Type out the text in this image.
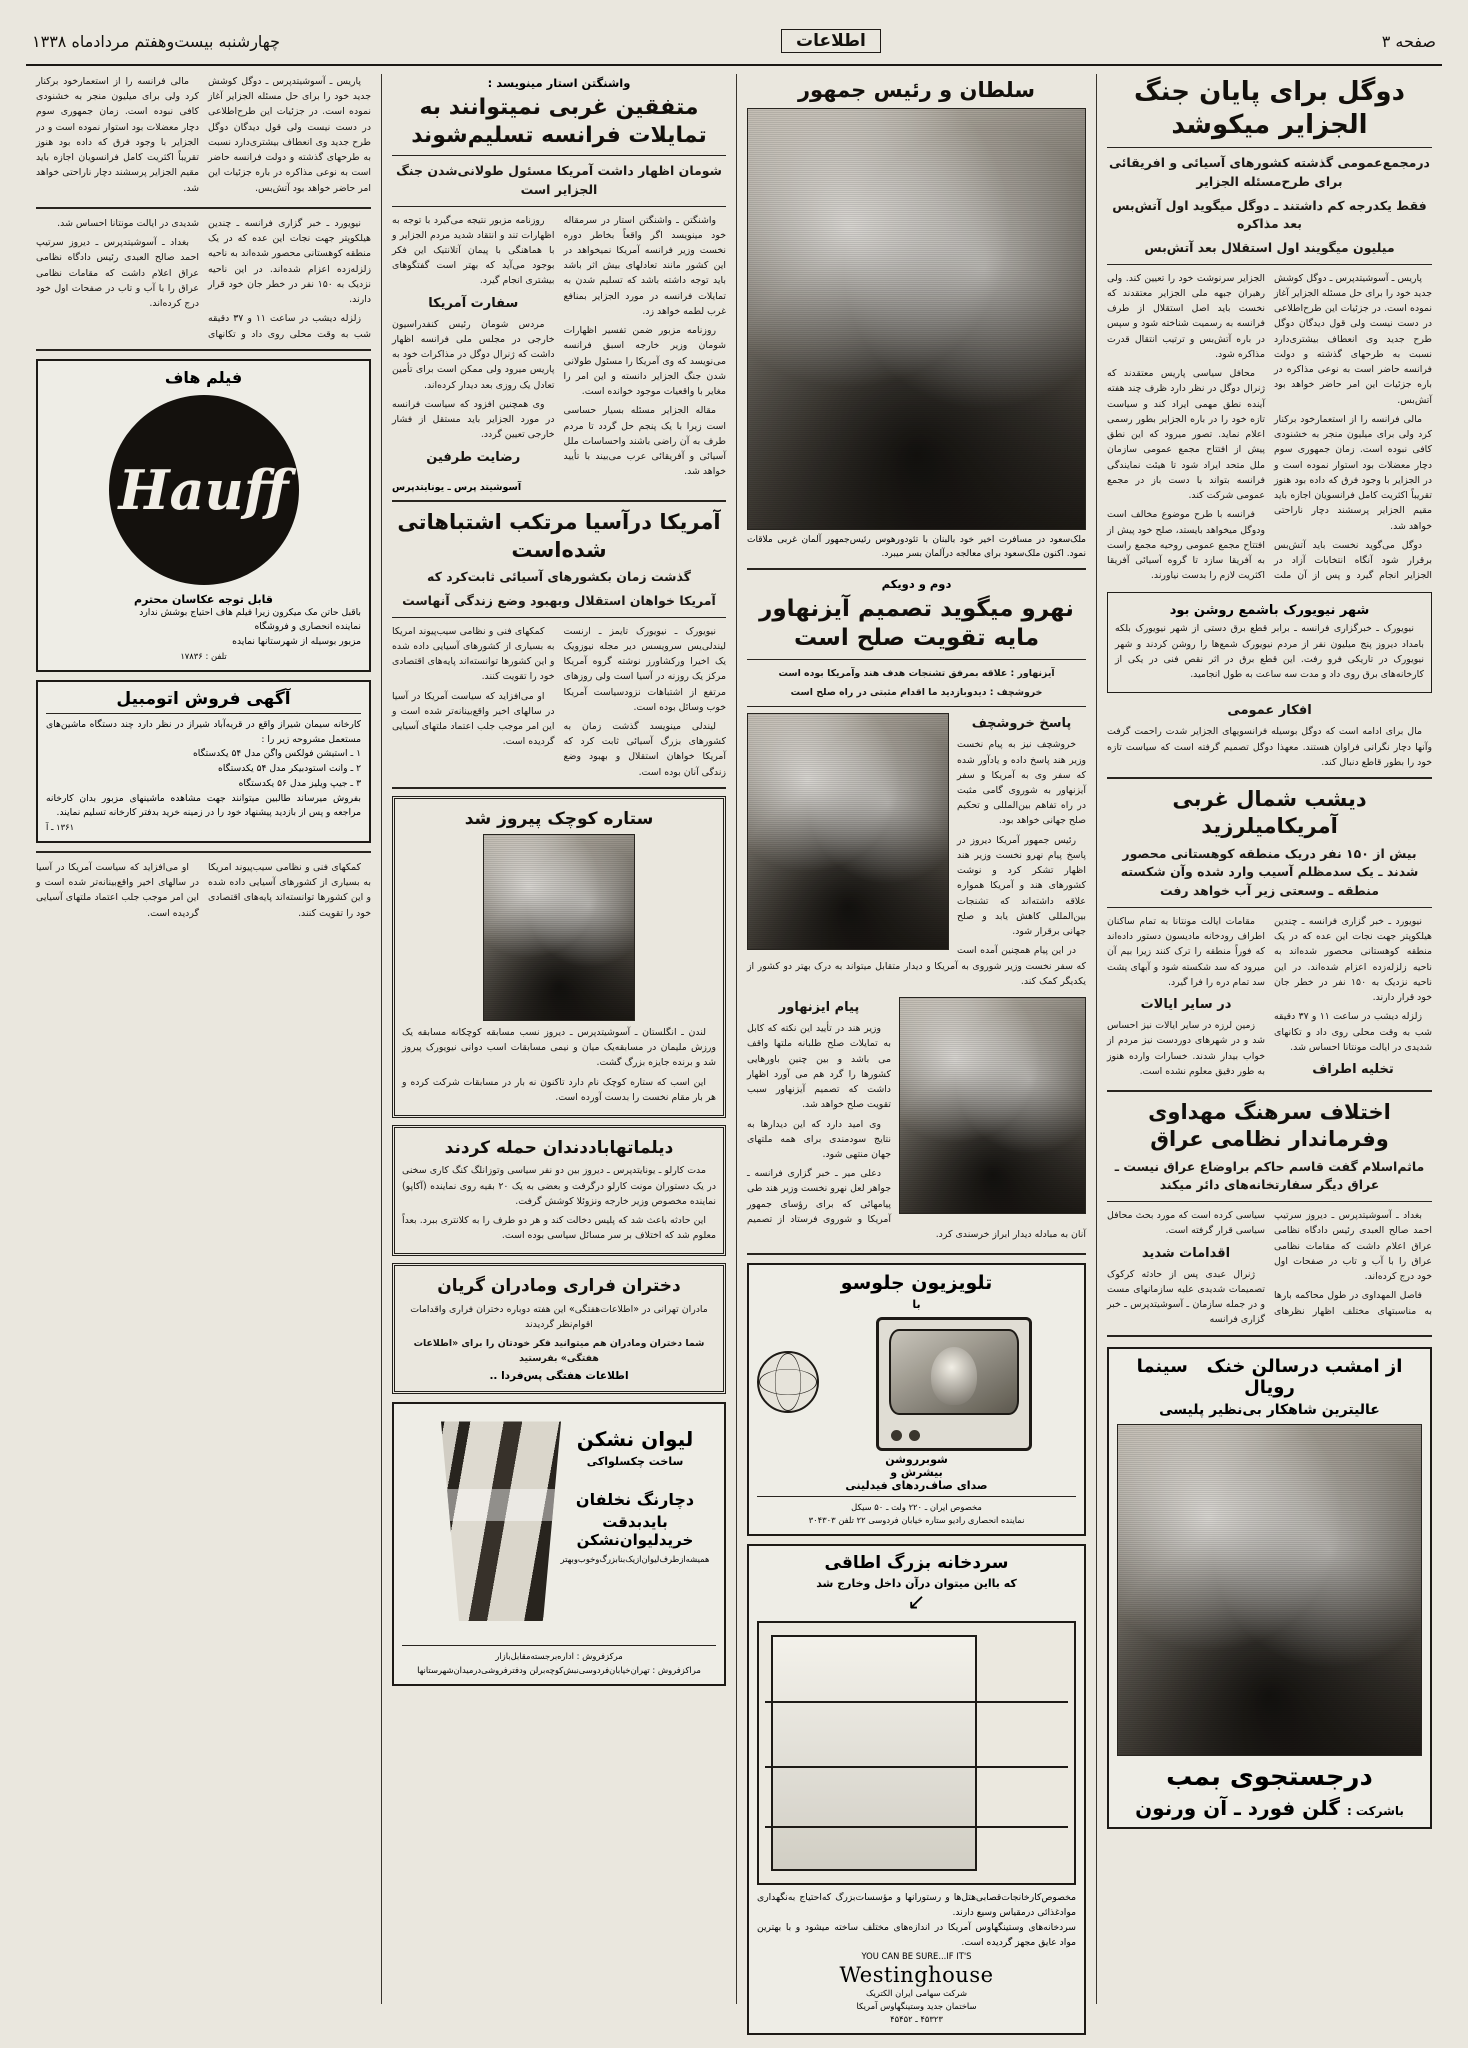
صفحه ۳
اطلاعات
چهارشنبه بیست‌وهفتم مردادماه ۱۳۳۸
دوگل برای پایان جنگ الجزایر میکوشد
درمجمع‌عمومی گذشته کشورهای آسیائی و افریقائی برای طرح‌مسئله الجزایر
فقط یکدرجه کم داشتند ـ دوگل میگوید اول آتش‌بس بعد مذاکره
میلیون میگویند اول استقلال بعد آتش‌بس

پاریس ـ آسوشیتدپرس ـ دوگل کوشش جدید خود را برای حل مسئله الجزایر آغاز نموده است. در جزئیات این طرح‌اطلاعی در دست نیست ولی قول دیدگان دوگل طرح جدید وی انعطاف بیشتری‌دارد نسبت به طرحهای گذشته و دولت فرانسه حاضر است به نوعی مذاکره در باره جزئیات این امر حاضر خواهد بود آتش‌بس.

مالی فرانسه را از استعمارخود برکنار کرد ولی برای میلیون منجر به خشنودی کافی نبوده است. زمان جمهوری سوم دچار معضلات بود استوار نموده است و در الجزایر با وجود فرق که داده بود هنوز تقریباً اکثریت کامل فرانسویان اجازه باید مقیم الجزایر پرسشند دچار ناراحتی خواهد شد.

دوگل می‌گوید نخست باید آتش‌بس برقرار شود آنگاه انتخابات آزاد در الجزایر انجام گیرد و پس از آن ملت الجزایر سرنوشت خود را تعیین کند. ولی رهبران جبهه ملی الجزایر معتقدند که نخست باید اصل استقلال از طرف فرانسه به رسمیت شناخته شود و سپس در باره آتش‌بس و ترتیب انتقال قدرت مذاکره شود.

محافل سیاسی پاریس معتقدند که ژنرال دوگل در نظر دارد ظرف چند هفته آینده نطق مهمی ایراد کند و سیاست تازه خود را در باره الجزایر بطور رسمی اعلام نماید. تصور میرود که این نطق پیش از افتتاح مجمع عمومی سازمان ملل متحد ایراد شود تا هیئت نمایندگی فرانسه بتواند با دست باز در مجمع عمومی شرکت کند.

فرانسه با طرح موضوع مخالف است ودوگل میخواهد بایستد، صلح خود پیش از افتتاح مجمع عمومی روحیه مجمع راست به آفریقا سازد تا گروه آسیائی آفریقا اکثریت لازم را بدست نیاورند.

شهر نیویورک باشمع روشن بود

نیویورک ـ خبرگزاری فرانسه ـ برابر قطع برق دستی از شهر نیویورک بلکه بامداد دیروز پنج میلیون نفر از مردم نیویورک شمع‌ها را روشن کردند و شهر نیویورک در تاریکی فرو رفت. این قطع برق در اثر نقص فنی در یکی از کارخانه‌های برق روی داد و مدت سه ساعت به طول انجامید.

افکار عمومی

مال برای ادامه است که دوگل بوسیله فرانسویهای الجزایر شدت راحمت گرفت وآنها دچار نگرانی فراوان هستند. معهذا دوگل تصمیم گرفته است که سیاست تازه خود را بطور قاطع دنبال کند.

دیشب شمال غربی آمریکامیلرزید
بیش از ۱۵۰ نفر دریک منطقه کوهستانی محصور شدند ـ یک سدمظلم آسیب وارد شده وآن شکسته منطقه ـ وسعتی زیر آب خواهد رفت

نیویورد ـ خبر گزاری فرانسه ـ چندین هیلکوپتر جهت نجات این عده که در یک منطقه کوهستانی محصور شده‌اند به ناحیه زلزله‌زده اعزام شده‌اند. در این ناحیه نزدیک به ۱۵۰ نفر در خطر جان خود قرار دارند.

زلزله دیشب در ساعت ۱۱ و ۳۷ دقیقه شب به وقت محلی روی داد و تکانهای شدیدی در ایالت مونتانا احساس شد.

تخلیه اطراف

مقامات ایالت مونتانا به تمام ساکنان اطراف رودخانه ماديسون دستور داده‌اند که فوراً منطقه را ترک کنند زیرا بیم آن میرود که سد شکسته شود و آبهای پشت سد تمام دره را فرا گیرد.

در سایر ایالات

زمین لرزه در سایر ایالات نیز احساس شد و در شهرهای دوردست نیز مردم از خواب بیدار شدند. خسارات وارده هنوز به طور دقیق معلوم نشده است.

اختلاف سرهنگ مهداوی وفرماندار نظامی عراق
ماثم‌اسلام گفت قاسم حاکم براوضاع عراق نیست ـ عراق دیگر سفارتخانه‌های دائر میکند

بغداد ـ آسوشیتدپرس ـ دیروز سرتیپ احمد صالح العبدی رئیس دادگاه نظامی عراق اعلام داشت که مقامات نظامی عراق را با آب و تاب در صفحات اول خود درج کرده‌اند.

فاصل المهداوی در طول محاکمه بارها به مناسبتهای مختلف اظهار نظرهای سیاسی کرده است که مورد بحث محافل سیاسی قرار گرفته است.

اقدامات شدید

ژنرال عبدی پس از حادثه کرکوک تصمیمات شدیدی علیه سازمانهای مست و در جمله سازمان ـ آسوشیتدپرس ـ خبر گزاری فرانسه

از امشب درسالن خنک   سینما رویال
عالیترین شاهکار بی‌نظیر پلیسی
درجستجوی بمب
باشرکت : گلن فورد ـ آن ورنون
سلطان و رئیس جمهور
ملک‌سعود در مسافرت اخیر خود بالبنان با تئودورهوس رئیس‌جمهور آلمان غربی ملاقات نمود. اکنون ملک‌سعود برای معالجه درآلمان بسر میبرد.
دوم و دویکم
نهرو میگوید تصمیم آیزنهاور مایه تقویت صلح است

آیزنهاور : علاقه بمرفق تشنجات هدف هند وآمریکا بوده است

خروشچف : دیدوبازدید ما اقدام مثبتی در راه صلح است

پاسخ خروشچف

خروشچف نیز به پیام نخست وزیر هند پاسخ داده و یادآور شده که سفر وی به آمریکا و سفر آیزنهاور به شوروی گامی مثبت در راه تفاهم بین‌المللی و تحکیم صلح جهانی خواهد بود.

رئیس جمهور آمریکا دیروز در پاسخ پیام نهرو نخست وزیر هند اظهار تشکر کرد و نوشت کشورهای هند و آمریکا همواره علاقه داشته‌اند که تشنجات بین‌المللی کاهش یابد و صلح جهانی برقرار شود.

در این پیام همچنین آمده است که سفر نخست وزیر شوروی به آمریکا و دیدار متقابل میتواند به درک بهتر دو کشور از یکدیگر کمک کند.

پیام ایزنهاور

وزیر هند در تأیید این نکته که کابل به تمایلات صلح طلبانه ملتها واقف می باشد و بین چنین باورهایی کشورها را گرد هم می آورد اظهار داشت که تصمیم آیزنهاور سبب تقویت صلح خواهد شد.

وی امید دارد که این دیدارها به نتایج سودمندی برای همه ملتهای جهان منتهی شود.

دعلی میر ـ خبر گزاری فرانسه ـ جواهر لعل نهرو نخست وزیر هند طی پیامهائی که برای رؤسای جمهور آمریکا و شوروی فرستاد از تصمیم آنان به مبادله دیدار ابراز خرسندی کرد.

تلویزیون جلوسو
با
شوبرروشن
بیشرش و
صدای صاف‌ردهای فیدلینی
مخصوص ایران ـ ۲۲۰ ولت ـ ۵۰ سیکل
نماینده انحصاری رادیو ستاره خیابان فردوسی ۲۲ تلفن ۳۰۴۳۰۳
سردخانه بزرگ اطاقی
که بااین میتوان درآن داخل وخارج شد
↙
مخصوص‌کارخانجات‌قصابی‌هتل‌ها و رستورانها و مؤسسات‌بزرگ که‌احتیاج به‌نگهداری موادغذائی درمقیاس وسیع دارند.
سردخانه‌های وستینگهاوس آمریکا در اندازه‌های مختلف ساخته میشود و با بهترین مواد عایق مجهز گردیده است.
YOU CAN BE SURE...IF IT'S
Westinghouse
شرکت سهامی ایران الکتریک
ساختمان جدید وستینگهاوس آمریکا
۴۵۳۲۳ ـ ۴۵۴۵۲
واشنگتن استار مینویسد :
متفقین غربی نمیتوانند به تمایلات فرانسه تسلیم‌شوند
شومان اظهار داشت آمریکا مسئول طولانی‌شدن جنگ الجزایر است

واشنگتن ـ واشنگتن استار در سرمقاله خود مینویسد اگر واقعاً بخاطر دوره نخست وزیر فرانسه آمریکا نمیخواهد در این کشور مانند تعادلهای بیش اثر باشد باید توجه داشته باشد که تسلیم شدن به تمایلات فرانسه در مورد الجزایر بمنافع غرب لطمه خواهد زد.

روزنامه مزبور ضمن تفسیر اظهارات شومان وزیر خارجه اسبق فرانسه می‌نویسد که وی آمریکا را مسئول طولانی شدن جنگ الجزایر دانسته و این امر را مغایر با واقعیات موجود خوانده است.

مقاله الجزایر مسئله بسیار حساسی است زیرا با یک پنجم حل گردد تا مردم طرف به آن راضی باشند واحساسات ملل آسیائی و آفریقائی عرب می‌بیند با تأیید خواهد شد.

روزنامه مزبور نتیجه می‌گیرد با توجه به اظهارات تند و انتقاد شدید مردم الجزایر و با هماهنگی با پیمان آتلانتیک این فکر بوجود می‌آید که بهتر است گفتگوهای بیشتری انجام گیرد.

سفارت آمریکا

مردس شومان رئیس کنفدراسیون خارجی در مجلس ملی فرانسه اظهار داشت که ژنرال دوگل در مذاکرات خود به پاریس میرود ولی ممکن است برای تأمین تعادل یک روزی بعد دیدار کرده‌اند.

وی همچنین افزود که سیاست فرانسه در مورد الجزایر باید مستقل از فشار خارجی تعیین گردد.

رضایت طرفین
آسوشیتد پرس ـ یونایتدپرس
آمریکا درآسیا مرتکب اشتباهاتی شده‌است
گذشت زمان بکشورهای آسیائی ثابت‌کرد که
آمریکا خواهان استقلال وبهبود وضع زندگی آنهاست

نیویورک ـ نیویورک تایمز ـ ارنست لیندلی‌یس سرویسس دیر مجله نیوزویک یک اخیرا ورکشاورز نوشته گروه آمریکا مرکز یک روزنه در آسیا است ولی روزهای مرتفع از اشتباهات نزودسیاست آمریکا خوب وسائل بوده است.

لیندلی مینویسد گذشت زمان به کشورهای بزرگ آسیائی ثابت کرد که آمریکا خواهان استقلال و بهبود وضع زندگی آنان بوده است.

کمکهای فنی و نظامی سیب‌پیوند امریکا به بسیاری از کشورهای آسیایی داده شده و این کشورها توانسته‌اند پایه‌های اقتصادی خود را تقویت کنند.

او می‌افزاید که سیاست آمریکا در آسیا در سالهای اخیر واقع‌بینانه‌تر شده است و این امر موجب جلب اعتماد ملتهای آسیایی گردیده است.

ستاره کوچک پیروز شد

لندن ـ انگلستان ـ آسوشیتدپرس ـ دیروز نسب مسابقه کوچکانه مسابقه یک ورزش ملیمان در مسابقه‌یک میان و نیمی مسابقات اسب دوانی نیویورک پیروز شد و برنده جایزه بزرگ گشت.

این اسب که ستاره کوچک نام دارد تاکنون نه بار در مسابقات شرکت کرده و هر بار مقام نخست را بدست آورده است.

دیلماتهاباددندان حمله کردند

مدت کارلو ـ یونایتدپرس ـ دیروز بین دو نفر سیاسی وتوزانلگ کنگ کاری سخنی در یک دستوران مونت کارلو درگرفت و بعضی به یک ۲۰ بقیه روی نماینده (آکاپو) نماینده مخصوص وزیر خارجه ونزوئلا کوشش گرفت.

این حادثه باعث شد که پلیس دخالت کند و هر دو طرف را به کلانتری ببرد. بعداً معلوم شد که اختلاف بر سر مسائل سیاسی بوده است.

دختران فراری ومادران گریان

مادران تهرانی در «اطلاعات‌هفتگی» این هفته دوباره دختران فراری واقدامات اقوام‌نظر گردیدند

شما دختران ومادران هم میتوانید فکر خودتان را برای «اطلاعات هفتگی» بفرستید

اطلاعات هفتگی پس‌فردا ..
لیوان نشکن
ساخت چکسلواکی
دچارنگ نخلفان
بایدبدقت خریدلیوان‌نشکن
همیشه‌ازطرف‌لیوان‌ازیک‌بنابزرگ‌وخوب‌و‌بهتر
مرکزفروش : اداره‌برجسته‌مقابل‌بازار
مراکزفروش : تهران‌خیابان‌فردوسی‌نبش‌کوچه‌برلن ودفترفروشی‌درمیدان‌شهرستانها

پاریس ـ آسوشیتدپرس ـ دوگل کوشش جدید خود را برای حل مسئله الجزایر آغاز نموده است. در جزئیات این طرح‌اطلاعی در دست نیست ولی قول دیدگان دوگل طرح جدید وی انعطاف بیشتری‌دارد نسبت به طرحهای گذشته و دولت فرانسه حاضر است به نوعی مذاکره در باره جزئیات این امر حاضر خواهد بود آتش‌بس.

مالی فرانسه را از استعمارخود برکنار کرد ولی برای میلیون منجر به خشنودی کافی نبوده است. زمان جمهوری سوم دچار معضلات بود استوار نموده است و در الجزایر با وجود فرق که داده بود هنوز تقریباً اکثریت کامل فرانسویان اجازه باید مقیم الجزایر پرسشند دچار ناراحتی خواهد شد.

نیویورد ـ خبر گزاری فرانسه ـ چندین هیلکوپتر جهت نجات این عده که در یک منطقه کوهستانی محصور شده‌اند به ناحیه زلزله‌زده اعزام شده‌اند. در این ناحیه نزدیک به ۱۵۰ نفر در خطر جان خود قرار دارند.

زلزله دیشب در ساعت ۱۱ و ۳۷ دقیقه شب به وقت محلی روی داد و تکانهای شدیدی در ایالت مونتانا احساس شد.

بغداد ـ آسوشیتدپرس ـ دیروز سرتیپ احمد صالح العبدی رئیس دادگاه نظامی عراق اعلام داشت که مقامات نظامی عراق را با آب و تاب در صفحات اول خود درج کرده‌اند.

فیلم هاف
Hauff
قابل توجه عکاسان محترم
باقبل حاتن مک میکرون زیرا فیلم هاف احتیاج بوشش ندارد
نماینده انحصاری و فروشگاه
مزبور بوسیله از شهرستانها نمایده
تلفن : ۱۷۸۳۶
آگهی فروش اتومبیل
کارخانه سیمان شیراز واقع در قریه‌آباد شیراز در نظر دارد چند دستگاه ماشین‌های مستعمل مشروحه زیر را :
۱ ـ استیشن فولکس واگن مدل ۵۴ یکدستگاه
۲ ـ وانت استودبیکر مدل ۵۴ یکدستگاه
۳ ـ جیپ ویلیز مدل ۵۶ یکدستگاه
بفروش میرساند طالبین میتوانند جهت مشاهده ماشینهای مزبور بدان کارخانه مراجعه و پس از بازدید پیشنهاد خود را در زمینه خرید بدفتر کارخانه تسلیم نمایند.
۱۳۶۱ ـ آ

کمکهای فنی و نظامی سیب‌پیوند امریکا به بسیاری از کشورهای آسیایی داده شده و این کشورها توانسته‌اند پایه‌های اقتصادی خود را تقویت کنند.

او می‌افزاید که سیاست آمریکا در آسیا در سالهای اخیر واقع‌بینانه‌تر شده است و این امر موجب جلب اعتماد ملتهای آسیایی گردیده است.
